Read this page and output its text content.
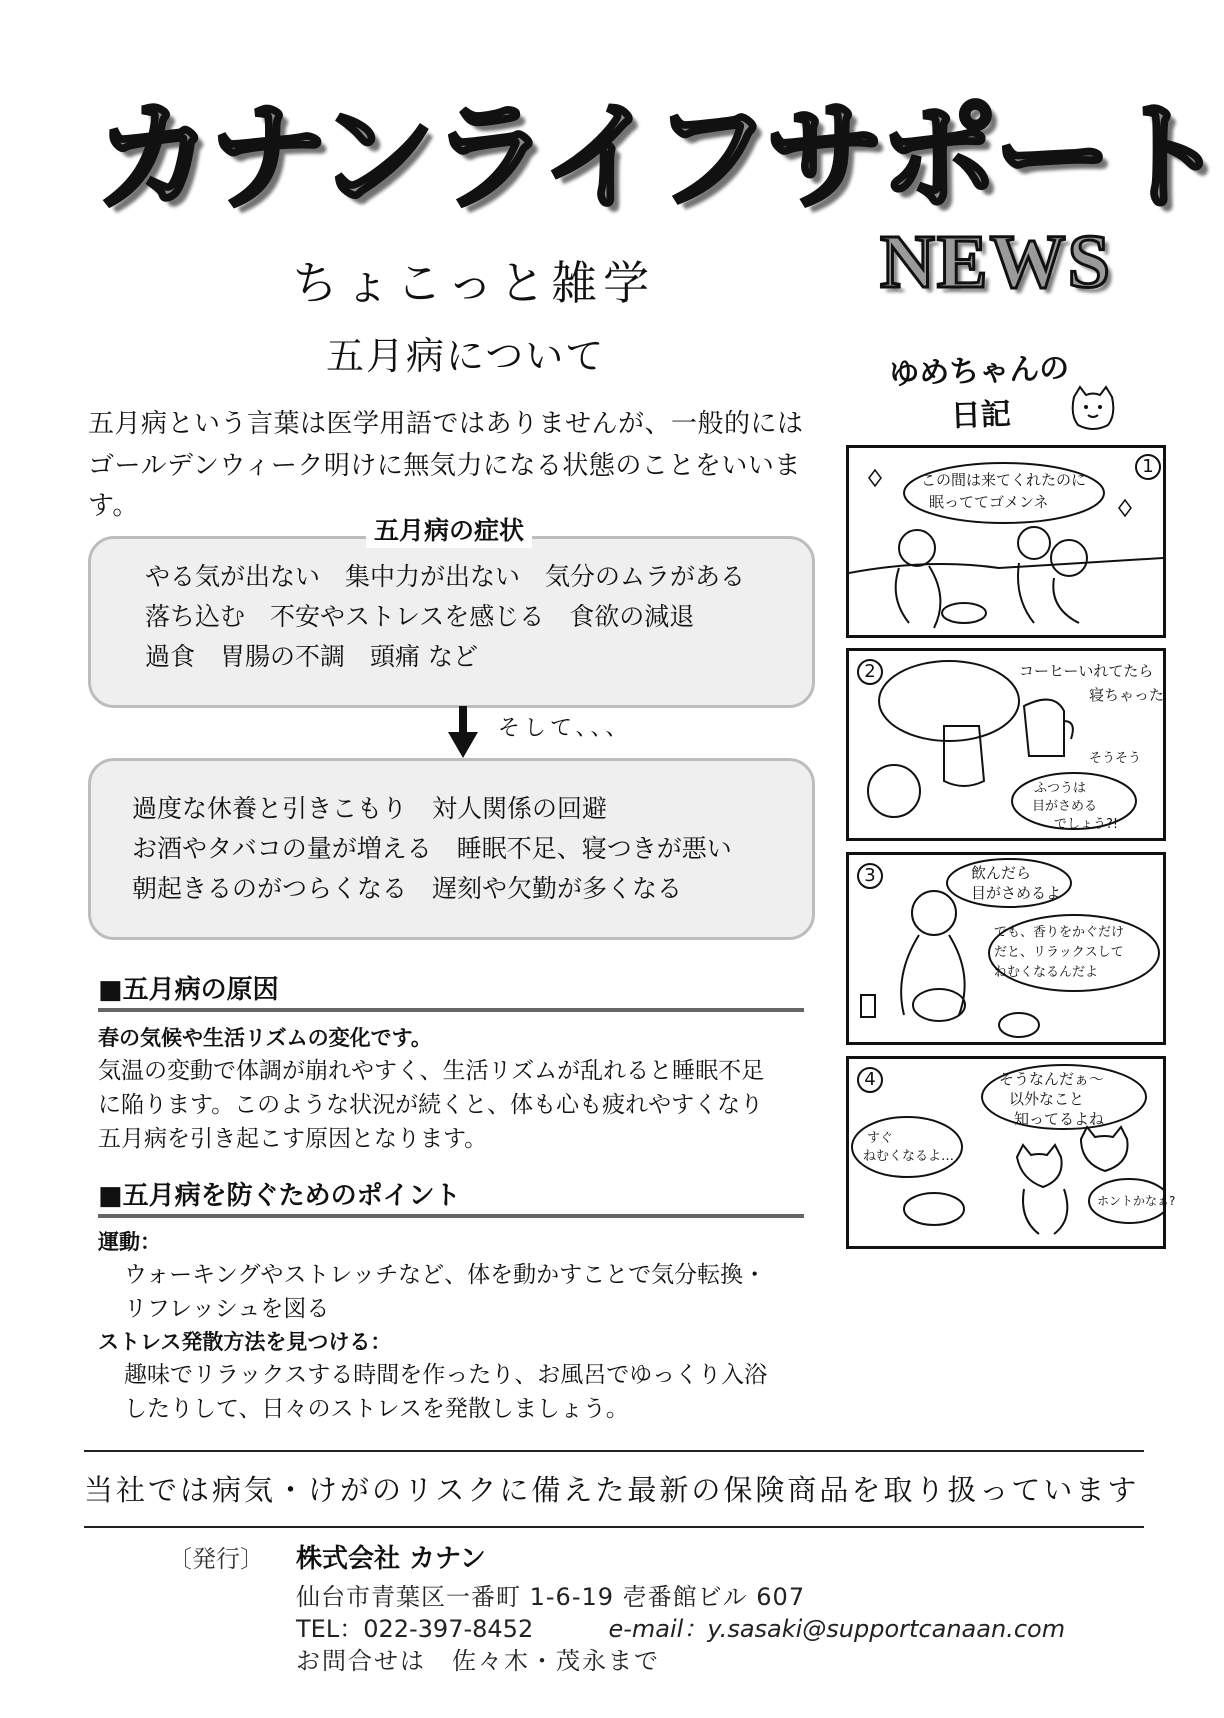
カナンライフサポート
NEWS
ちょこっと雑学
五月病について
五月病という言葉は医学用語ではありませんが、一般的には
ゴールデンウィーク明けに無気力になる状態のことをいいます。
五月病の症状
やる気が出ない　集中力が出ない　気分のムラがある
落ち込む　不安やストレスを感じる　食欲の減退
過食　胃腸の不調　頭痛 など
そして、、、
過度な休養と引きこもり　対人関係の回避
お酒やタバコの量が増える　睡眠不足、寝つきが悪い
朝起きるのがつらくなる　遅刻や欠勤が多くなる
■五月病の原因
春の気候や生活リズムの変化です。
気温の変動で体調が崩れやすく、生活リズムが乱れると睡眠不足
に陥ります。このような状況が続くと、体も心も疲れやすくなり
五月病を引き起こす原因となります。
■五月病を防ぐためのポイント
運動：
ウォーキングやストレッチなど、体を動かすことで気分転換・
リフレッシュを図る
ストレス発散方法を見つける：
趣味でリラックスする時間を作ったり、お風呂でゆっくり入浴
したりして、日々のストレスを発散しましょう。
当社では病気・けがのリスクに備えた最新の保険商品を取り扱っています
〔発行〕 株式会社 カナン
仙台市青葉区一番町 1-6-19 壱番館ビル 607
TEL：022-397-8452	e-mail：y.sasaki@supportcanaan.com
お問合せは　佐々木・茂永まで
ゆめちゃんの
日記
1
この間は来てくれたのに
眠っててゴメンネ
2	コーヒーいれてたら
寝ちゃった
そうそう
ふつうは
目がさめる
でしょう?!
3	飲んだら
目がさめるよ
でも、香りをかぐだけ
だと、リラックスして
ねむくなるんだよ
4	そうなんだぁ～
以外なこと
知ってるよね
すぐ
ねむくなるよ…
ホントかなぁ?
